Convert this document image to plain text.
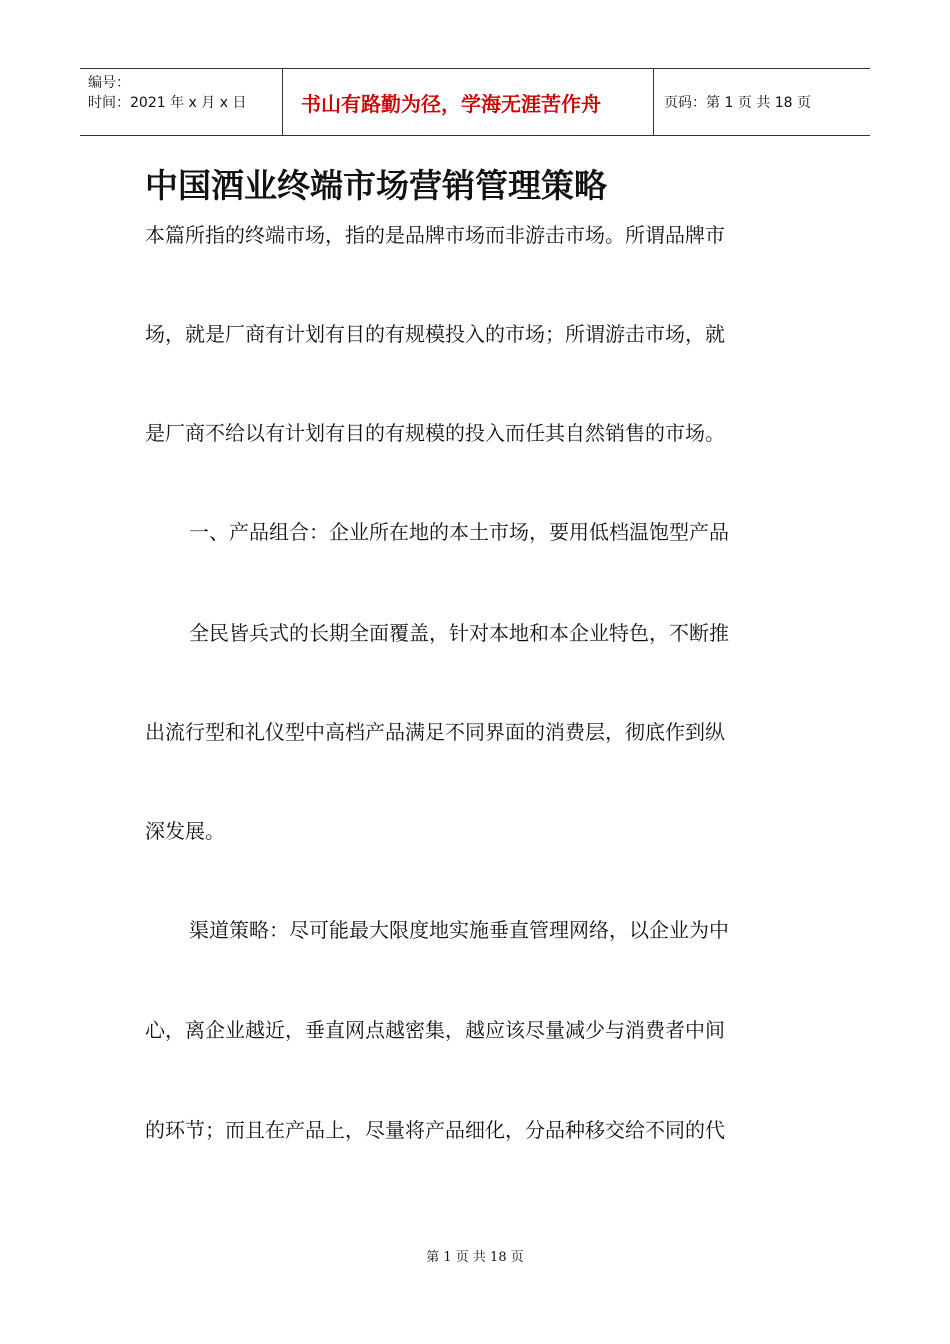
编号：
时间：2021 年 x 月 x 日	书山有路勤为径，学海无涯苦作舟	页码：第 1 页 共 18 页
中国酒业终端市场营销管理策略

本篇所指的终端市场，指的是品牌市场而非游击市场。所谓品牌市

场，就是厂商有计划有目的有规模投入的市场；所谓游击市场，就

是厂商不给以有计划有目的有规模的投入而任其自然销售的市场。

一、产品组合：企业所在地的本土市场，要用低档温饱型产品

全民皆兵式的长期全面覆盖，针对本地和本企业特色，不断推

出流行型和礼仪型中高档产品满足不同界面的消费层，彻底作到纵

深发展。

渠道策略：尽可能最大限度地实施垂直管理网络，以企业为中

心，离企业越近，垂直网点越密集，越应该尽量减少与消费者中间

的环节；而且在产品上，尽量将产品细化，分品种移交给不同的代

第 1 页 共 18 页
